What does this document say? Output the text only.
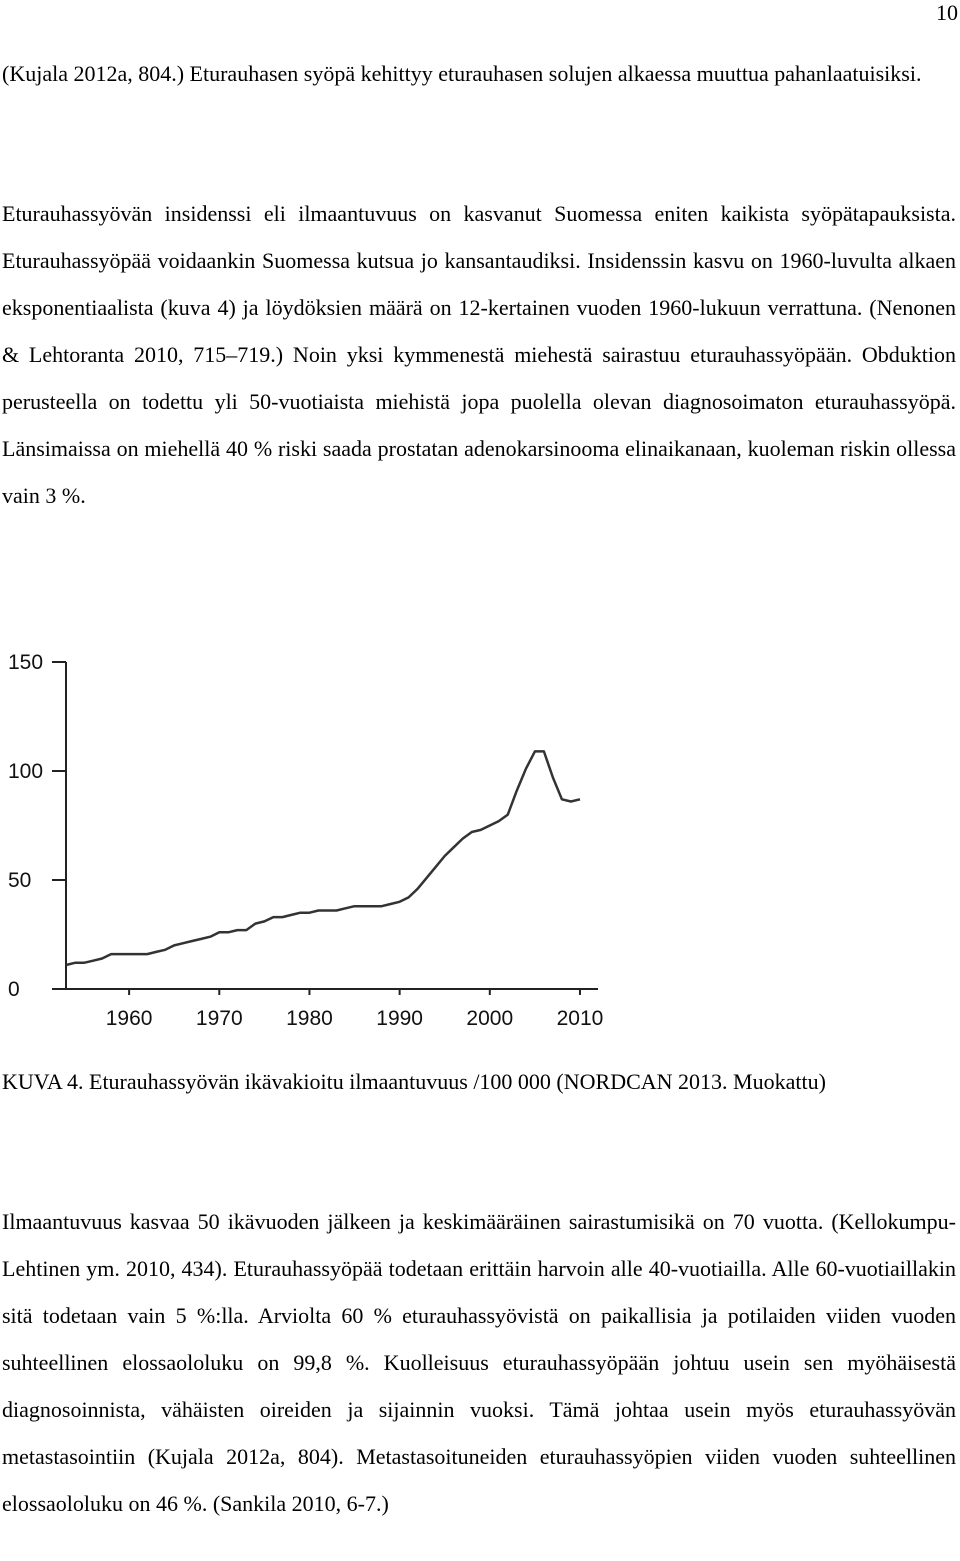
10

(Kujala 2012a, 804.) Eturauhasen syöpä kehittyy eturauhasen solujen alkaessa muuttua pahanlaatuisiksi.

Eturauhassyövän insidenssi eli ilmaantuvuus on kasvanut Suomessa eniten kaikista syöpätapauksista. Eturauhassyöpää voidaankin Suomessa kutsua jo kansantaudiksi. Insidenssin kasvu on 1960-luvulta alkaen eksponentiaalista (kuva 4) ja löydöksien määrä on 12-kertainen vuoden 1960-lukuun verrattuna. (Nenonen & Lehtoranta 2010, 715–719.) Noin yksi kymmenestä miehestä sairastuu eturauhassyöpään. Obduktion perusteella on todettu yli 50-vuotiaista miehistä jopa puolella olevan diagnosoimaton eturauhassyöpä. Länsimaissa on miehellä 40 % riski saada prostatan adenokarsinooma elinaikanaan, kuoleman riskin ollessa vain 3 %.

0
50
100
150
1960 1970 1980 1990 2000 2010

KUVA 4. Eturauhassyövän ikävakioitu ilmaantuvuus /100 000 (NORDCAN 2013. Muokattu)

Ilmaantuvuus kasvaa 50 ikävuoden jälkeen ja keskimääräinen sairastumisikä on 70 vuotta. (Kellokumpu-Lehtinen ym. 2010, 434). Eturauhassyöpää todetaan erittäin harvoin alle 40-vuotiailla. Alle 60-vuotiaillakin sitä todetaan vain 5 %:lla. Arviolta 60 % eturauhassyövistä on paikallisia ja potilaiden viiden vuoden suhteellinen elossaololuku on 99,8 %. Kuolleisuus eturauhassyöpään johtuu usein sen myöhäisestä diagnosoinnista, vähäisten oireiden ja sijainnin vuoksi. Tämä johtaa usein myös eturauhassyövän metastasointiin (Kujala 2012a, 804). Metastasoituneiden eturauhassyöpien viiden vuoden suhteellinen elossaololuku on 46 %. (Sankila 2010, 6-7.)
